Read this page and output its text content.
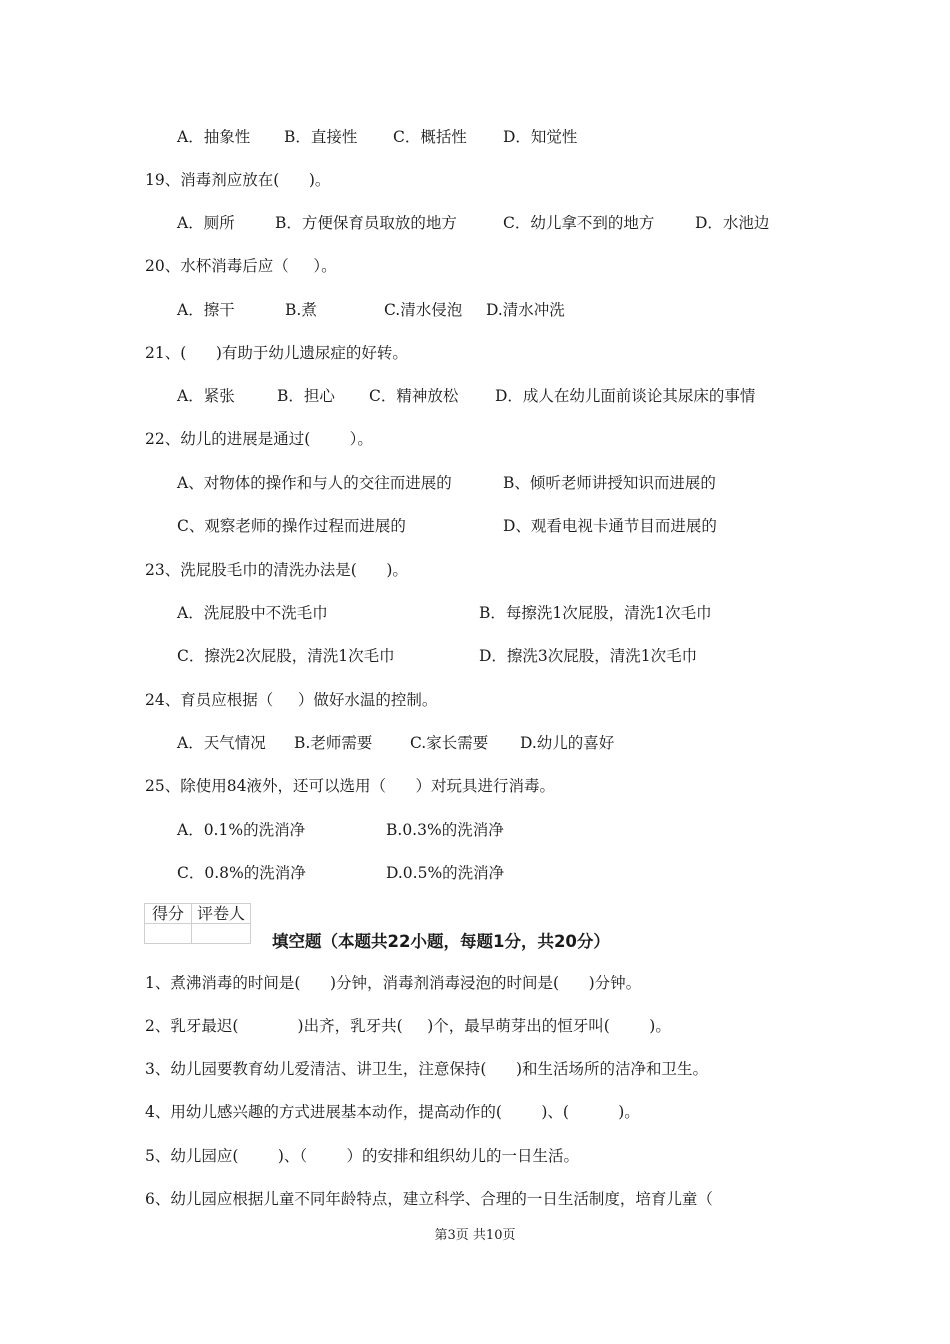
A．抽象性

B．直接性

C．概括性

D．知觉性

19、消毒剂应放在(      )。

A．厕所

	B．方便保育员取放的地方

	C．幼儿拿不到的地方

	D．水池边

20、水杯消毒后应（     ）。

A．擦干

	B.煮

	C.清水侵泡

D.清水冲洗

21、(      )有助于幼儿遗尿症的好转。

A．紧张

	B．担心

C．精神放松

D．成人在幼儿面前谈论其尿床的事情

22、幼儿的进展是通过(        ）。

A、对物体的操作和与人的交往而进展的

	B、倾听老师讲授知识而进展的

C、观察老师的操作过程而进展的

	D、观看电视卡通节目而进展的

23、洗屁股毛巾的清洗办法是(      )。

A．洗屁股中不洗毛巾

	B．每擦洗1次屁股，清洗1次毛巾

C．擦洗2次屁股，清洗1次毛巾

	D．擦洗3次屁股，清洗1次毛巾

24、育员应根据（     ）做好水温的控制。

A．天气情况

B.老师需要

C.家长需要

D.幼儿的喜好

25、除使用84液外，还可以选用（      ）对玩具进行消毒。

A．0.1%的洗消净

	B.0.3%的洗消净

C．0.8%的洗消净

	D.0.5%的洗消净

得分	评卷人

填空题（本题共22小题，每题1分，共20分）
1、煮沸消毒的时间是(      )分钟，消毒剂消毒浸泡的时间是(      )分钟。
2、乳牙最迟(            )出齐，乳牙共(     )个，最早萌芽出的恒牙叫(        )。
3、幼儿园要教育幼儿爱清洁、讲卫生，注意保持(      )和生活场所的洁净和卫生。
4、用幼儿感兴趣的方式进展基本动作，提高动作的(        )、(          )。
5、幼儿园应(        )、（        ）的安排和组织幼儿的一日生活。
6、幼儿园应根据儿童不同年龄特点，建立科学、合理的一日生活制度，培育儿童（
第3页 共10页
